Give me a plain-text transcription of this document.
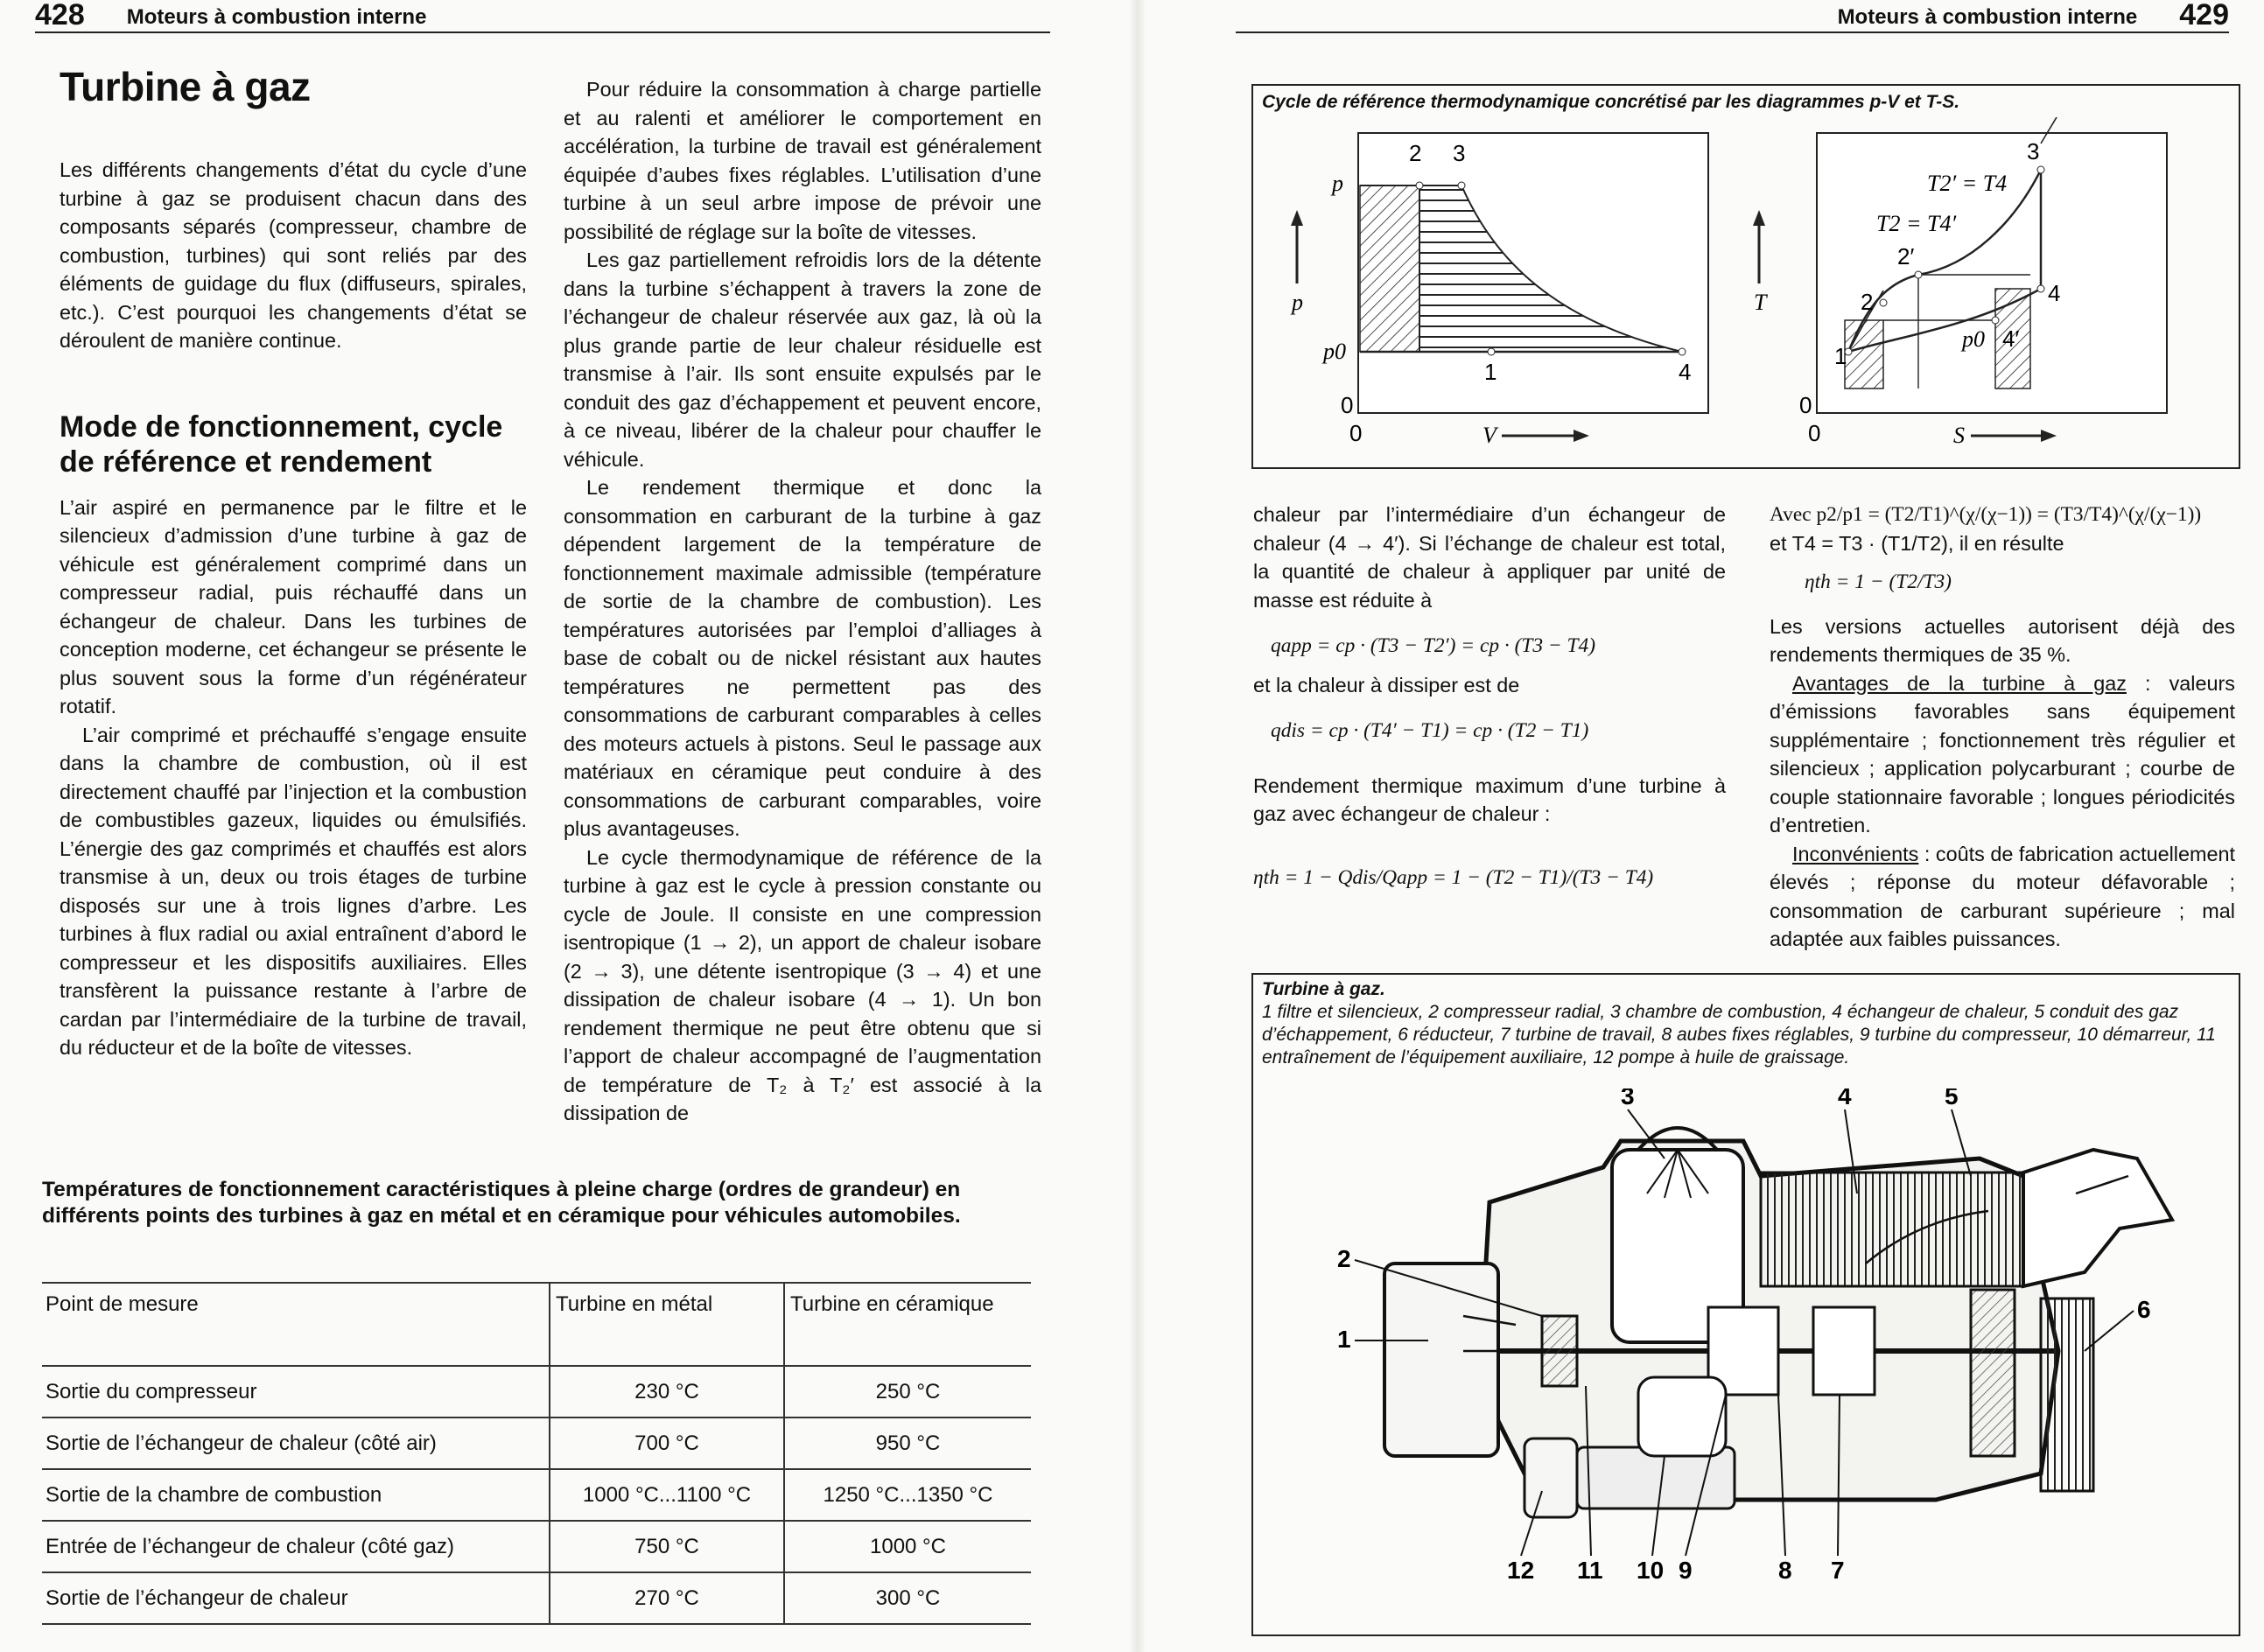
428 Moteurs à combustion interne
Turbine à gaz

Les différents changements d’état du cycle d’une turbine à gaz se produisent chacun dans des composants séparés (compresseur, chambre de combustion, turbines) qui sont reliés par des éléments de guidage du flux (diffuseurs, spirales, etc.). C’est pourquoi les changements d’état se déroulent de manière continue.

Mode de fonctionnement, cycle de référence et rendement

L’air aspiré en permanence par le filtre et le silencieux d’admission d’une turbine à gaz de véhicule est généralement comprimé dans un compresseur radial, puis réchauffé dans un échangeur de chaleur. Dans les turbines de conception moderne, cet échangeur se présente le plus souvent sous la forme d’un régénérateur rotatif.

L’air comprimé et préchauffé s’engage ensuite dans la chambre de combustion, où il est directement chauffé par l’injection et la combustion de combustibles gazeux, liquides ou émulsifiés. L’énergie des gaz comprimés et chauffés est alors transmise à un, deux ou trois étages de turbine disposés sur une à trois lignes d’arbre. Les turbines à flux radial ou axial entraînent d’abord le compresseur et les dispositifs auxiliaires. Elles transfèrent la puissance restante à l’arbre de cardan par l’intermédiaire de la turbine de travail, du réducteur et de la boîte de vitesses.

Pour réduire la consommation à charge partielle et au ralenti et améliorer le comportement en accélération, la turbine de travail est généralement équipée d’aubes fixes réglables. L’utilisation d’une turbine à un seul arbre impose de prévoir une possibilité de réglage sur la boîte de vitesses.

Les gaz partiellement refroidis lors de la détente dans la turbine s’échappent à travers la zone de l’échangeur de chaleur réservée aux gaz, là où la plus grande partie de leur chaleur résiduelle est transmise à l’air. Ils sont ensuite expulsés par le conduit des gaz d’échappement et peuvent encore, à ce niveau, libérer de la chaleur pour chauffer le véhicule.

Le rendement thermique et donc la consommation en carburant de la turbine à gaz dépendent largement de la température de fonctionnement maximale admissible (température de sortie de la chambre de combustion). Les températures autorisées par l’emploi d’alliages à base de cobalt ou de nickel résistant aux hautes températures ne permettent pas des consommations de carburant comparables à celles des moteurs actuels à pistons. Seul le passage aux matériaux en céramique peut conduire à des consommations de carburant comparables, voire plus avantageuses.

Le cycle thermodynamique de référence de la turbine à gaz est le cycle à pression constante ou cycle de Joule. Il consiste en une compression isentropique (1 → 2), un apport de chaleur isobare (2 → 3), une détente isentropique (3 → 4) et une dissipation de chaleur isobare (4 → 1). Un bon rendement thermique ne peut être obtenu que si l’apport de chaleur accompagné de l’augmentation de température de T₂ à T₂′ est associé à la dissipation de

Températures de fonctionnement caractéristiques à pleine charge (ordres de grandeur) en différents points des turbines à gaz en métal et en céramique pour véhicules automobiles.
Point de mesure	Turbine en métal	Turbine en céramique
Sortie du compresseur	230 °C	250 °C
Sortie de l’échangeur de chaleur (côté air)	700 °C	950 °C
Sortie de la chambre de combustion	1000 °C...1100 °C	1250 °C...1350 °C
Entrée de l’échangeur de chaleur (côté gaz)	750 °C	1000 °C
Sortie de l’échangeur de chaleur	270 °C	300 °C
Moteurs à combustion interne 429
Cycle de référence thermodynamique concrétisé par les diagrammes p-V et T-S.
2 3
1	4
p
p0
0
0
p
V
3
4
4′
2′
2
1
T2′ = T4
T2 = T4′
p0
0
0
T
S

chaleur par l’intermédiaire d’un échangeur de chaleur (4 → 4′). Si l’échange de chaleur est total, la quantité de chaleur à appliquer par unité de masse est réduite à

qapp = cp · (T3 − T2′) = cp · (T3 − T4)

et la chaleur à dissiper est de

qdis = cp · (T4′ − T1) = cp · (T2 − T1)

Rendement thermique maximum d’une turbine à gaz avec échangeur de chaleur :

ηth = 1 − Qdis/Qapp = 1 − (T2 − T1)/(T3 − T4)

Avec p2/p1 = (T2/T1)^(χ/(χ−1)) = (T3/T4)^(χ/(χ−1))

et T4 = T3 · (T1/T2), il en résulte

ηth = 1 − (T2/T3)

Les versions actuelles autorisent déjà des rendements thermiques de 35 %.

Avantages de la turbine à gaz : valeurs d’émissions favorables sans équipement supplémentaire ; fonctionnement très régulier et silencieux ; application polycarburant ; courbe de couple stationnaire favorable ; longues périodicités d’entretien.

Inconvénients : coûts de fabrication actuellement élevés ; réponse du moteur défavorable ; consommation de carburant supérieure ; mal adaptée aux faibles puissances.

Turbine à gaz.
1 filtre et silencieux, 2 compresseur radial, 3 chambre de combustion, 4 échangeur de chaleur, 5 conduit des gaz d’échappement, 6 réducteur, 7 turbine de travail, 8 aubes fixes réglables, 9 turbine du compresseur, 10 démarreur, 11 entraînement de l’équipement auxiliaire, 12 pompe à huile de graissage.
1
2
3	4	5
6
7
8
9
10
11
12
